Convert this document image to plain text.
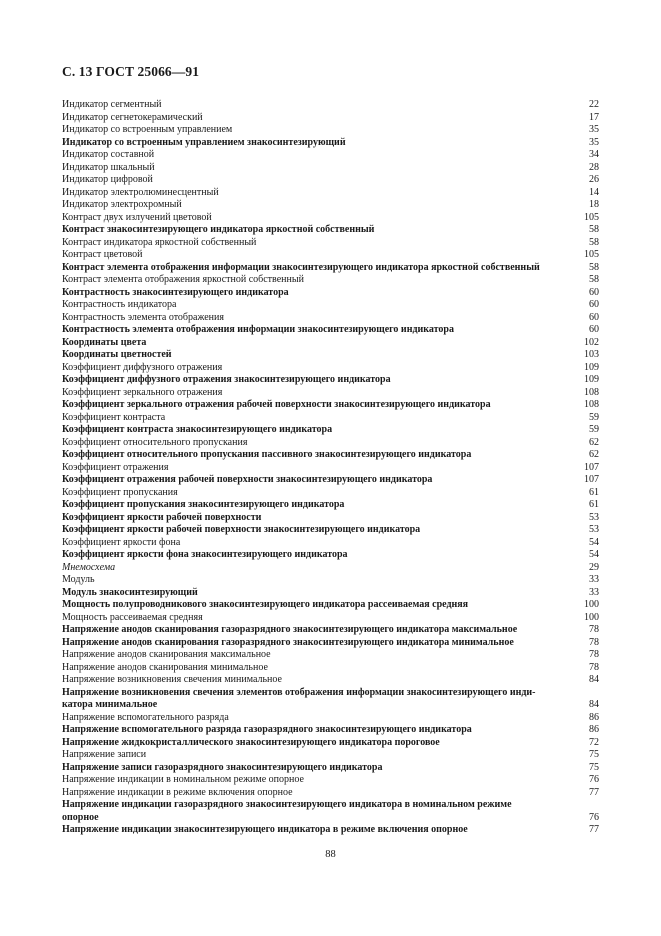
С. 13 ГОСТ 25066—91
Индикатор сегментный	22
Индикатор сегнетокерамический	17
Индикатор со встроенным управлением	35
Индикатор со встроенным управлением знакосинтезирующий	35
Индикатор составной	34
Индикатор шкальный	28
Индикатор цифровой	26
Индикатор электролюминесцентный	14
Индикатор электрохромный	18
Контраст двух излучений цветовой	105
Контраст знакосинтезирующего индикатора яркостной собственный	58
Контраст индикатора яркостной собственный	58
Контраст цветовой	105
Контраст элемента отображения информации знакосинтезирующего индикатора яркостной собственный	58
Контраст элемента отображения яркостной собственный	58
Контрастность знакосинтезирующего индикатора	60
Контрастность индикатора	60
Контрастность элемента отображения	60
Контрастность элемента отображения информации знакосинтезирующего индикатора	60
Координаты цвета	102
Координаты цветностей	103
Коэффициент диффузного отражения	109
Коэффициент диффузного отражения знакосинтезирующего индикатора	109
Коэффициент зеркального отражения	108
Коэффициент зеркального отражения рабочей поверхности знакосинтезирующего индикатора	108
Коэффициент контраста	59
Коэффициент контраста знакосинтезирующего индикатора	59
Коэффициент относительного пропускания	62
Коэффициент относительного пропускания пассивного знакосинтезирующего индикатора	62
Коэффициент отражения	107
Коэффициент отражения рабочей поверхности знакосинтезирующего индикатора	107
Коэффициент пропускания	61
Коэффициент пропускания знакосинтезирующего индикатора	61
Коэффициент яркости рабочей поверхности	53
Коэффициент яркости рабочей поверхности знакосинтезирующего индикатора	53
Коэффициент яркости фона	54
Коэффициент яркости фона знакосинтезирующего индикатора	54
Мнемосхема	29
Модуль	33
Модуль знакосинтезирующий	33
Мощность полупроводникового знакосинтезирующего индикатора рассеиваемая средняя	100
Мощность рассеиваемая средняя	100
Напряжение анодов сканирования газоразрядного знакосинтезирующего индикатора максимальное	78
Напряжение анодов сканирования газоразрядного знакосинтезирующего индикатора минимальное	78
Напряжение анодов сканирования максимальное	78
Напряжение анодов сканирования минимальное	78
Напряжение возникновения свечения минимальное	84
Напряжение возникновения свечения элементов отображения информации знакосинтезирующего инди-
катора минимальное	84
Напряжение вспомогательного разряда	86
Напряжение вспомогательного разряда газоразрядного знакосинтезирующего индикатора	86
Напряжение жидкокристаллического знакосинтезирующего индикатора пороговое	72
Напряжение записи	75
Напряжение записи газоразрядного знакосинтезирующего индикатора	75
Напряжение индикации в номинальном режиме опорное	76
Напряжение индикации в режиме включения опорное	77
Напряжение индикации газоразрядного знакосинтезирующего индикатора в номинальном режиме
опорное	76
Напряжение индикации знакосинтезирующего индикатора в режиме включения опорное	77
88
